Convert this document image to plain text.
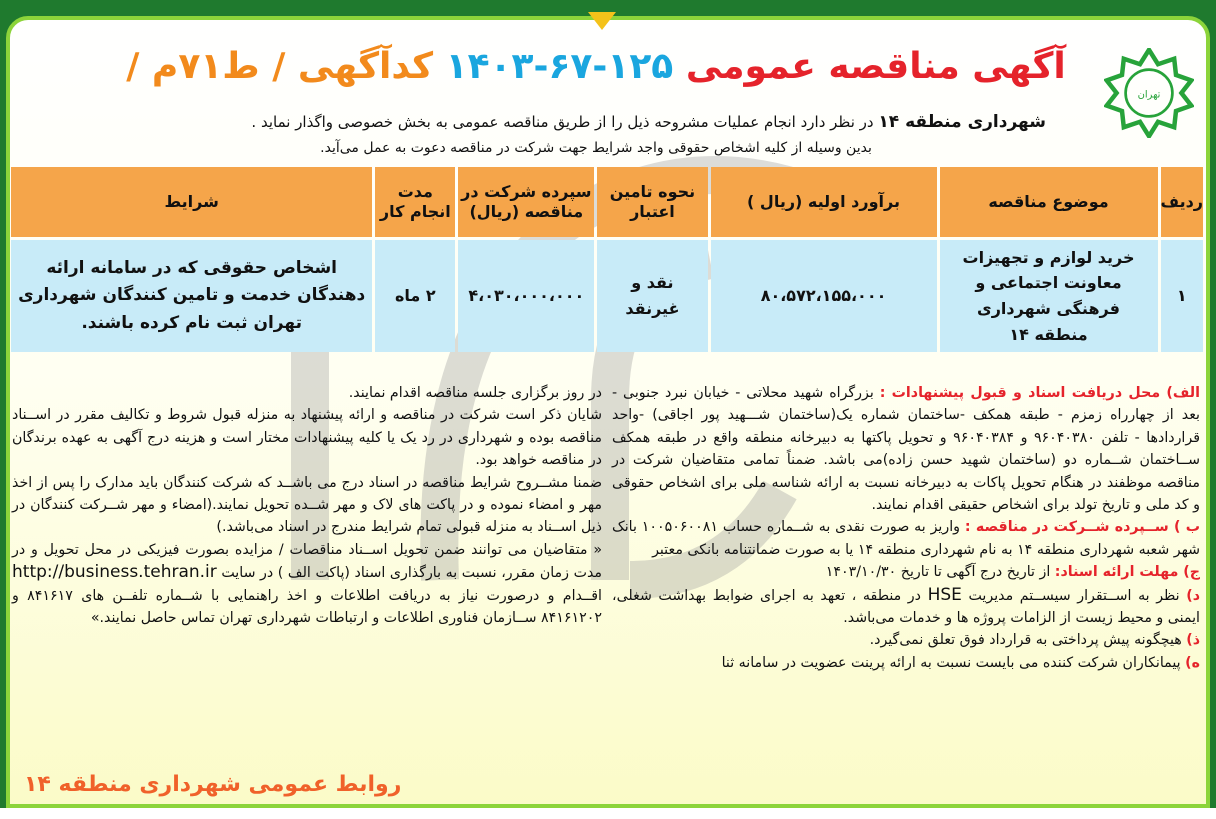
تهران
آگهی مناقصه عمومی ۱۴۰۳-۶۷-۱۲۵ کدآگهی / ط۷۱م /
شهرداری منطقه ۱۴ در نظر دارد انجام عملیات مشروحه ذیل را از طریق مناقصه عمومی به بخش خصوصی واگذار نماید .
بدین وسیله از کلیه اشخاص حقوقی واجد شرایط جهت شرکت در مناقصه دعوت به عمل می‌آید.
ردیف	موضوع مناقصه	برآورد اولیه (ریال )	نحوه تامین اعتبار	سپرده شرکت در مناقصه (ریال)	مدت انجام کار	شرایط
۱	خرید لوازم و تجهیزات معاونت اجتماعی و فرهنگی شهرداری منطقه ۱۴	۸۰،۵۷۲،۱۵۵،۰۰۰	نقد و غیرنقد	۴،۰۳۰،۰۰۰،۰۰۰	۲ ماه	اشخاص حقوقی که در سامانه ارائه دهندگان خدمت و تامین کنندگان شهرداری تهران ثبت نام کرده باشند.
الف) محل دریافت اسناد و قبول پیشنهادات : بزرگراه شهید محلاتی - خیابان نبرد جنوبی - بعد از چهارراه زمزم - طبقه همکف -ساختمان شماره یک(ساختمان شـــهید پور اجاقی) -واحد قراردادها - تلفن ۹۶۰۴۰۳۸۰ و ۹۶۰۴۰۳۸۴ و تحویل پاکتها به دبیرخانه منطقه واقع در طبقه همکف ســاختمان شــماره دو (ساختمان شهید حسن زاده)می باشد. ضمناً تمامی متقاضیان شرکت در مناقصه موظفند در هنگام تحویل پاکات به دبیرخانه نسبت به ارائه شناسه ملی برای اشخاص حقوقی و کد ملی و تاریخ تولد برای اشخاص حقیقی اقدام نمایند.
ب ) ســپرده شــرکت در مناقصه : واریز به صورت نقدی به شــماره حساب ۱۰۰۵۰۶۰۰۸۱ بانک شهر شعبه شهرداری منطقه ۱۴ به نام شهرداری منطقه ۱۴ یا به صورت ضمانتنامه بانکی معتبر
ج) مهلت ارائه اسناد: از تاریخ درج آگهی تا تاریخ ۱۴۰۳/۱۰/۳۰
د) نظر به اســتقرار سیســتم مدیریت HSE در منطقه ، تعهد به اجرای ضوابط بهداشت شغلی، ایمنی و محیط زیست از الزامات پروژه ها و خدمات می‌باشد.
ذ) هیچگونه پیش پرداختی به قرارداد فوق تعلق نمی‌گیرد.
ه) پیمانکاران شرکت کننده می بایست نسبت به ارائه پرینت عضویت در سامانه ثنا
در روز برگزاری جلسه مناقصه اقدام نمایند.
شایان ذکر است شرکت در مناقصه و ارائه پیشنهاد به منزله قبول شروط و تکالیف مقرر در اســناد مناقصه بوده و شهرداری در رد یک یا کلیه پیشنهادات مختار است و هزینه درج آگهی به عهده برندگان در مناقصه خواهد بود.
ضمنا مشــروح شرایط مناقصه در اسناد درج می باشــد که شرکت کنندگان باید مدارک را پس از اخذ مهر و امضاء نموده و در پاکت های لاک و مهر شــده تحویل نمایند.(امضاء و مهر شــرکت کنندگان در ذیل اســناد به منزله قبولی تمام شرایط مندرج در اسناد می‌باشد.)
« متقاضیان می توانند ضمن تحویل اســناد مناقصات / مزایده بصورت فیزیکی در محل تحویل و در مدت زمان مقرر، نسبت به بارگذاری اسناد (پاکت الف ) در سایت http://business.tehran.ir اقــدام و درصورت نیاز به دریافت اطلاعات و اخذ راهنمایی با شــماره تلفــن های ۸۴۱۶۱۷ و ۸۴۱۶۱۲۰۲ ســازمان فناوری اطلاعات و ارتباطات شهرداری تهران تماس حاصل نمایند.»
روابط عمومی شهرداری منطقه ۱۴
